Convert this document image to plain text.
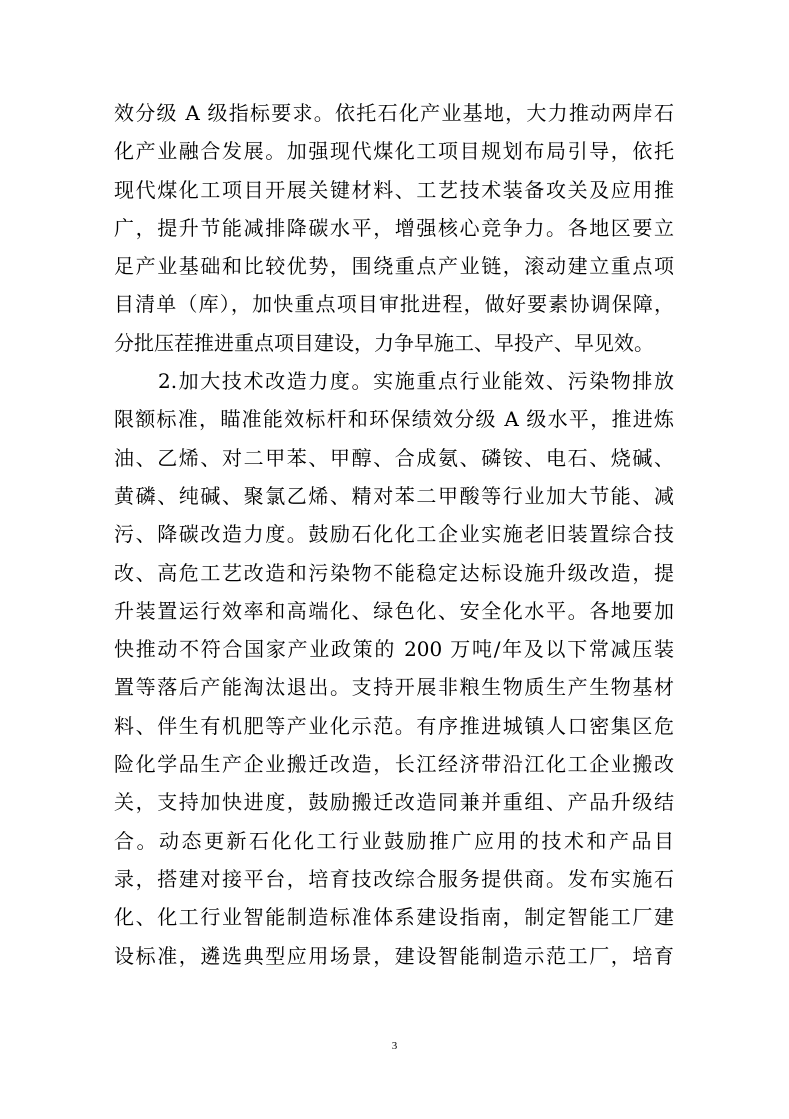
效分级 A 级指标要求。依托石化产业基地，大力推动两岸石
化产业融合发展。加强现代煤化工项目规划布局引导，依托
现代煤化工项目开展关键材料、工艺技术装备攻关及应用推
广，提升节能减排降碳水平，增强核心竞争力。各地区要立
足产业基础和比较优势，围绕重点产业链，滚动建立重点项
目清单（库），加快重点项目审批进程，做好要素协调保障，
分批压茬推进重点项目建设，力争早施工、早投产、早见效。
2.加大技术改造力度。实施重点行业能效、污染物排放
限额标准，瞄准能效标杆和环保绩效分级 A 级水平，推进炼
油、乙烯、对二甲苯、甲醇、合成氨、磷铵、电石、烧碱、
黄磷、纯碱、聚氯乙烯、精对苯二甲酸等行业加大节能、减
污、降碳改造力度。鼓励石化化工企业实施老旧装置综合技
改、高危工艺改造和污染物不能稳定达标设施升级改造，提
升装置运行效率和高端化、绿色化、安全化水平。各地要加
快推动不符合国家产业政策的 200 万吨/年及以下常减压装
置等落后产能淘汰退出。支持开展非粮生物质生产生物基材
料、伴生有机肥等产业化示范。有序推进城镇人口密集区危
险化学品生产企业搬迁改造，长江经济带沿江化工企业搬改
关，支持加快进度，鼓励搬迁改造同兼并重组、产品升级结
合。动态更新石化化工行业鼓励推广应用的技术和产品目
录，搭建对接平台，培育技改综合服务提供商。发布实施石
化、化工行业智能制造标准体系建设指南，制定智能工厂建
设标准，遴选典型应用场景，建设智能制造示范工厂，培育
3
